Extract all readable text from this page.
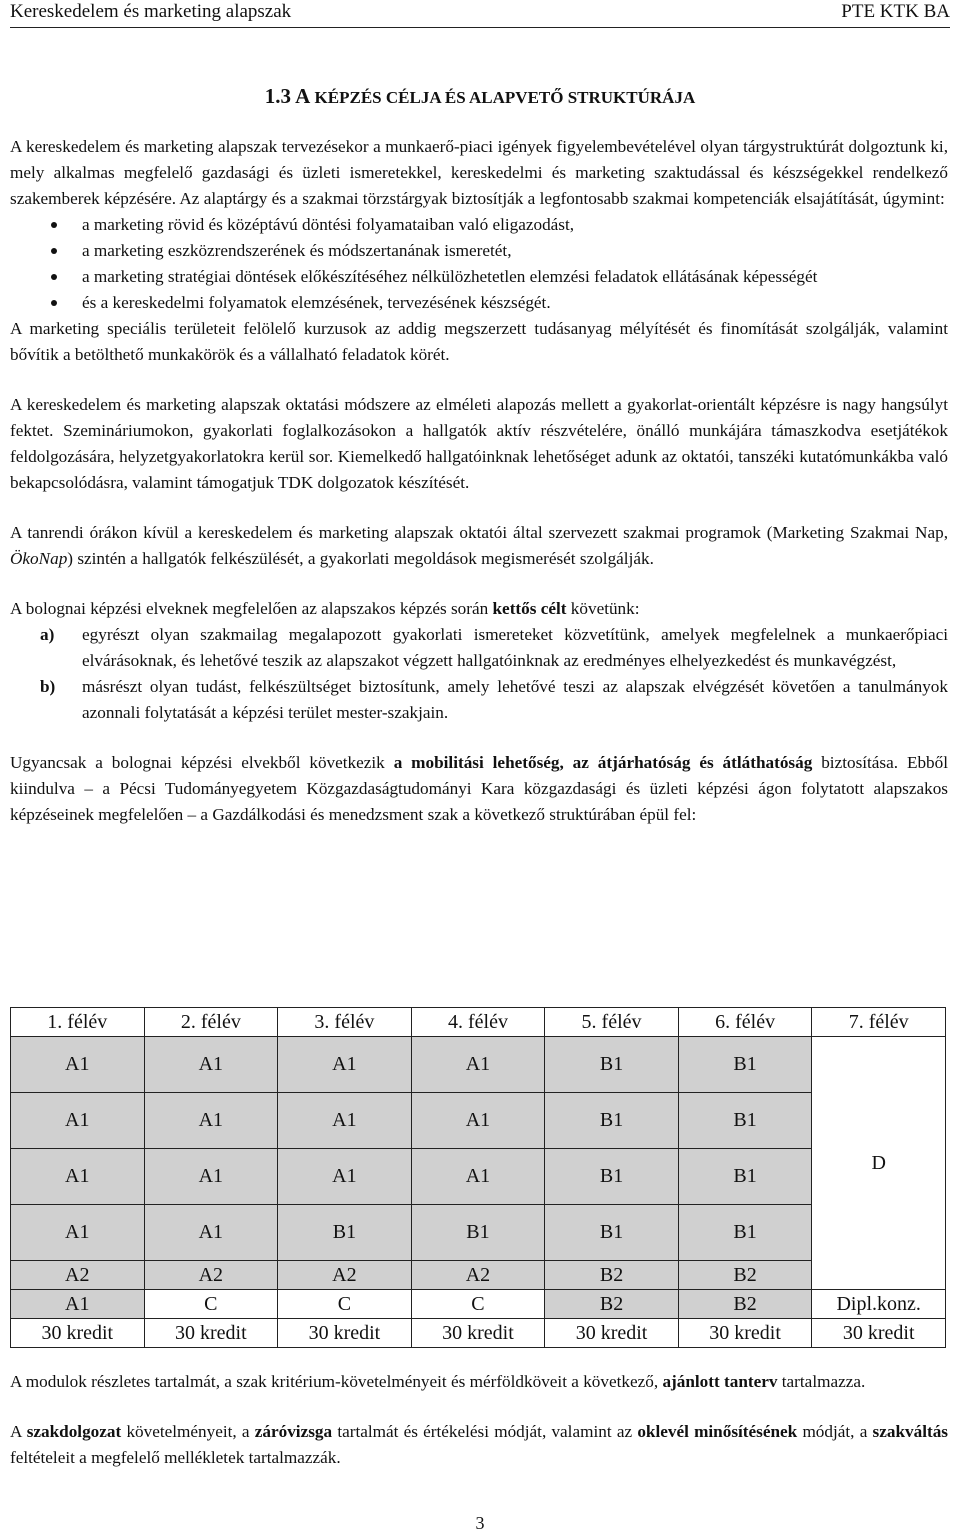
Kereskedelem és marketing alapszak	PTE KTK BA
1.3 A KÉPZÉS CÉLJA ÉS ALAPVETŐ STRUKTÚRÁJA

A kereskedelem és marketing alapszak tervezésekor a munkaerő-piaci igények figyelembevételével olyan tárgystruktúrát dolgoztunk ki, mely alkalmas megfelelő gazdasági és üzleti ismeretekkel, kereskedelmi és marketing szaktudással és készségekkel rendelkező szakemberek képzésére. Az alaptárgy és a szakmai törzstárgyak biztosítják a legfontosabb szakmai kompetenciák elsajátítását, úgymint:

a marketing rövid és középtávú döntési folyamataiban való eligazodást,
a marketing eszközrendszerének és módszertanának ismeretét,
a marketing stratégiai döntések előkészítéséhez nélkülözhetetlen elemzési feladatok ellátásának képességét
és a kereskedelmi folyamatok elemzésének, tervezésének készségét.

A marketing speciális területeit felölelő kurzusok az addig megszerzett tudásanyag mélyítését és finomítását szolgálják, valamint bővítik a betölthető munkakörök és a vállalható feladatok körét.

A kereskedelem és marketing alapszak oktatási módszere az elméleti alapozás mellett a gyakorlat-orientált képzésre is nagy hangsúlyt fektet. Szemináriumokon, gyakorlati foglalkozásokon a hallgatók aktív részvételére, önálló munkájára támaszkodva esetjátékok feldolgozására, helyzetgyakorlatokra kerül sor. Kiemelkedő hallgatóinknak lehetőséget adunk az oktatói, tanszéki kutatómunkákba való bekapcsolódásra, valamint támogatjuk TDK dolgozatok készítését.

A tanrendi órákon kívül a kereskedelem és marketing alapszak oktatói által szervezett szakmai programok (Marketing Szakmai Nap, ÖkoNap) szintén a hallgatók felkészülését, a gyakorlati megoldások megismerését szolgálják.

A bolognai képzési elveknek megfelelően az alapszakos képzés során kettős célt követünk:

a) egyrészt olyan szakmailag megalapozott gyakorlati ismereteket közvetítünk, amelyek megfelelnek a munkaerőpiaci elvárásoknak, és lehetővé teszik az alapszakot végzett hallgatóinknak az eredményes elhelyezkedést és munkavégzést,
b) másrészt olyan tudást, felkészültséget biztosítunk, amely lehetővé teszi az alapszak elvégzését követően a tanulmányok azonnali folytatását a képzési terület mester-szakjain.

Ugyancsak a bolognai képzési elvekből következik a mobilitási lehetőség, az átjárhatóság és átláthatóság biztosítása. Ebből kiindulva – a Pécsi Tudományegyetem Közgazdaságtudományi Kara közgazdasági és üzleti képzési ágon folytatott alapszakos képzéseinek megfelelően – a Gazdálkodási és menedzsment szak a következő struktúrában épül fel:

1. félév	2. félév	3. félév	4. félév	5. félév	6. félév	7. félév
A1	A1	A1	A1	B1	B1	D
A1	A1	A1	A1	B1	B1	
A1	A1	A1	A1	B1	B1	
A1	A1	B1	B1	B1	B1	
A2	A2	A2	A2	B2	B2	
A1	C	C	C	B2	B2	Dipl.konz.
30 kredit	30 kredit	30 kredit	30 kredit	30 kredit	30 kredit	30 kredit

A modulok részletes tartalmát, a szak kritérium-követelményeit és mérföldköveit a következő, ajánlott tanterv tartalmazza.

A szakdolgozat követelményeit, a záróvizsga tartalmát és értékelési módját, valamint az oklevél minősítésének módját, a szakváltás feltételeit a megfelelő mellékletek tartalmazzák.

3
